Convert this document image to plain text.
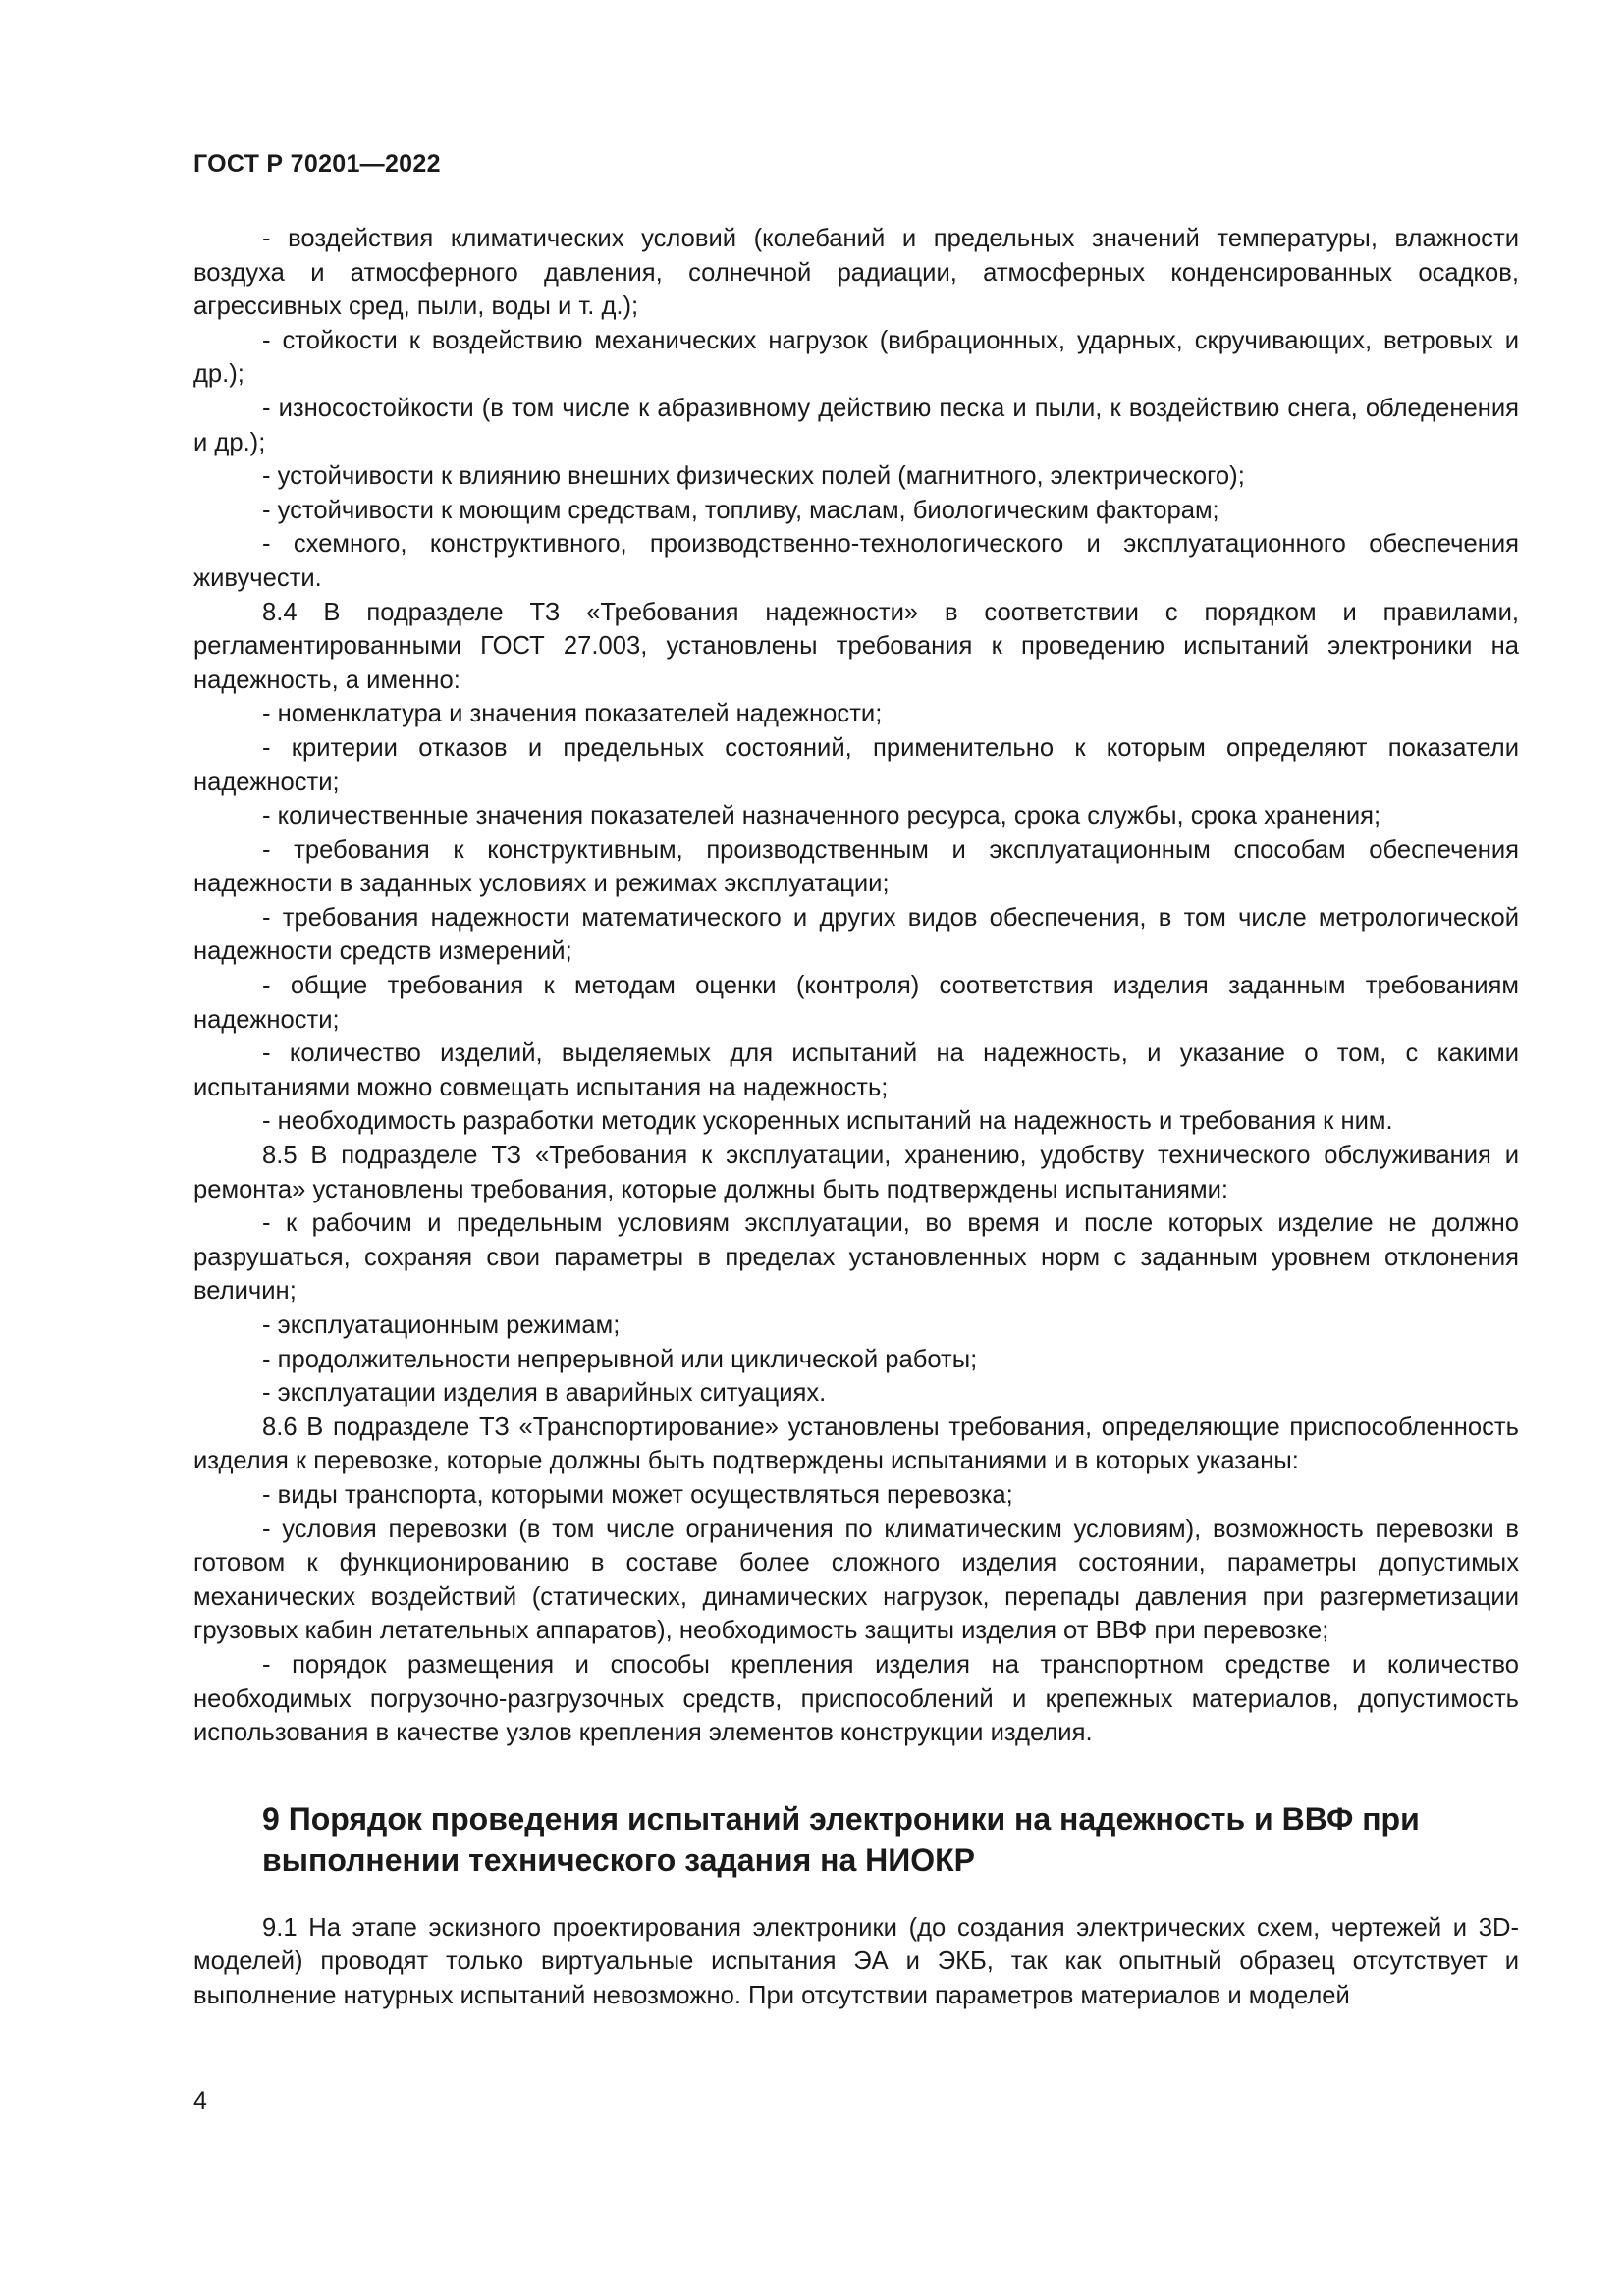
ГОСТ Р 70201—2022

- воздействия климатических условий (колебаний и предельных значений температуры, влажности воздуха и атмосферного давления, солнечной радиации, атмосферных конденсированных осадков, агрессивных сред, пыли, воды и т. д.);

- стойкости к воздействию механических нагрузок (вибрационных, ударных, скручивающих, ветровых и др.);

- износостойкости (в том числе к абразивному действию песка и пыли, к воздействию снега, обледенения и др.);

- устойчивости к влиянию внешних физических полей (магнитного, электрического);

- устойчивости к моющим средствам, топливу, маслам, биологическим факторам;

- схемного, конструктивного, производственно-технологического и эксплуатационного обеспечения живучести.

8.4 В подразделе ТЗ «Требования надежности» в соответствии с порядком и правилами, регламентированными ГОСТ 27.003, установлены требования к проведению испытаний электроники на надежность, а именно:

- номенклатура и значения показателей надежности;

- критерии отказов и предельных состояний, применительно к которым определяют показатели надежности;

- количественные значения показателей назначенного ресурса, срока службы, срока хранения;

- требования к конструктивным, производственным и эксплуатационным способам обеспечения надежности в заданных условиях и режимах эксплуатации;

- требования надежности математического и других видов обеспечения, в том числе метрологической надежности средств измерений;

- общие требования к методам оценки (контроля) соответствия изделия заданным требованиям надежности;

- количество изделий, выделяемых для испытаний на надежность, и указание о том, с какими испытаниями можно совмещать испытания на надежность;

- необходимость разработки методик ускоренных испытаний на надежность и требования к ним.

8.5 В подразделе ТЗ «Требования к эксплуатации, хранению, удобству технического обслуживания и ремонта» установлены требования, которые должны быть подтверждены испытаниями:

- к рабочим и предельным условиям эксплуатации, во время и после которых изделие не должно разрушаться, сохраняя свои параметры в пределах установленных норм с заданным уровнем отклонения величин;

- эксплуатационным режимам;

- продолжительности непрерывной или циклической работы;

- эксплуатации изделия в аварийных ситуациях.

8.6 В подразделе ТЗ «Транспортирование» установлены требования, определяющие приспособленность изделия к перевозке, которые должны быть подтверждены испытаниями и в которых указаны:

- виды транспорта, которыми может осуществляться перевозка;

- условия перевозки (в том числе ограничения по климатическим условиям), возможность перевозки в готовом к функционированию в составе более сложного изделия состоянии, параметры допустимых механических воздействий (статических, динамических нагрузок, перепады давления при разгерметизации грузовых кабин летательных аппаратов), необходимость защиты изделия от ВВФ при перевозке;

- порядок размещения и способы крепления изделия на транспортном средстве и количество необходимых погрузочно-разгрузочных средств, приспособлений и крепежных материалов, допустимость использования в качестве узлов крепления элементов конструкции изделия.

9 Порядок проведения испытаний электроники на надежность и ВВФ при выполнении технического задания на НИОКР

9.1 На этапе эскизного проектирования электроники (до создания электрических схем, чертежей и 3D-моделей) проводят только виртуальные испытания ЭА и ЭКБ, так как опытный образец отсутствует и выполнение натурных испытаний невозможно. При отсутствии параметров материалов и моделей

4
